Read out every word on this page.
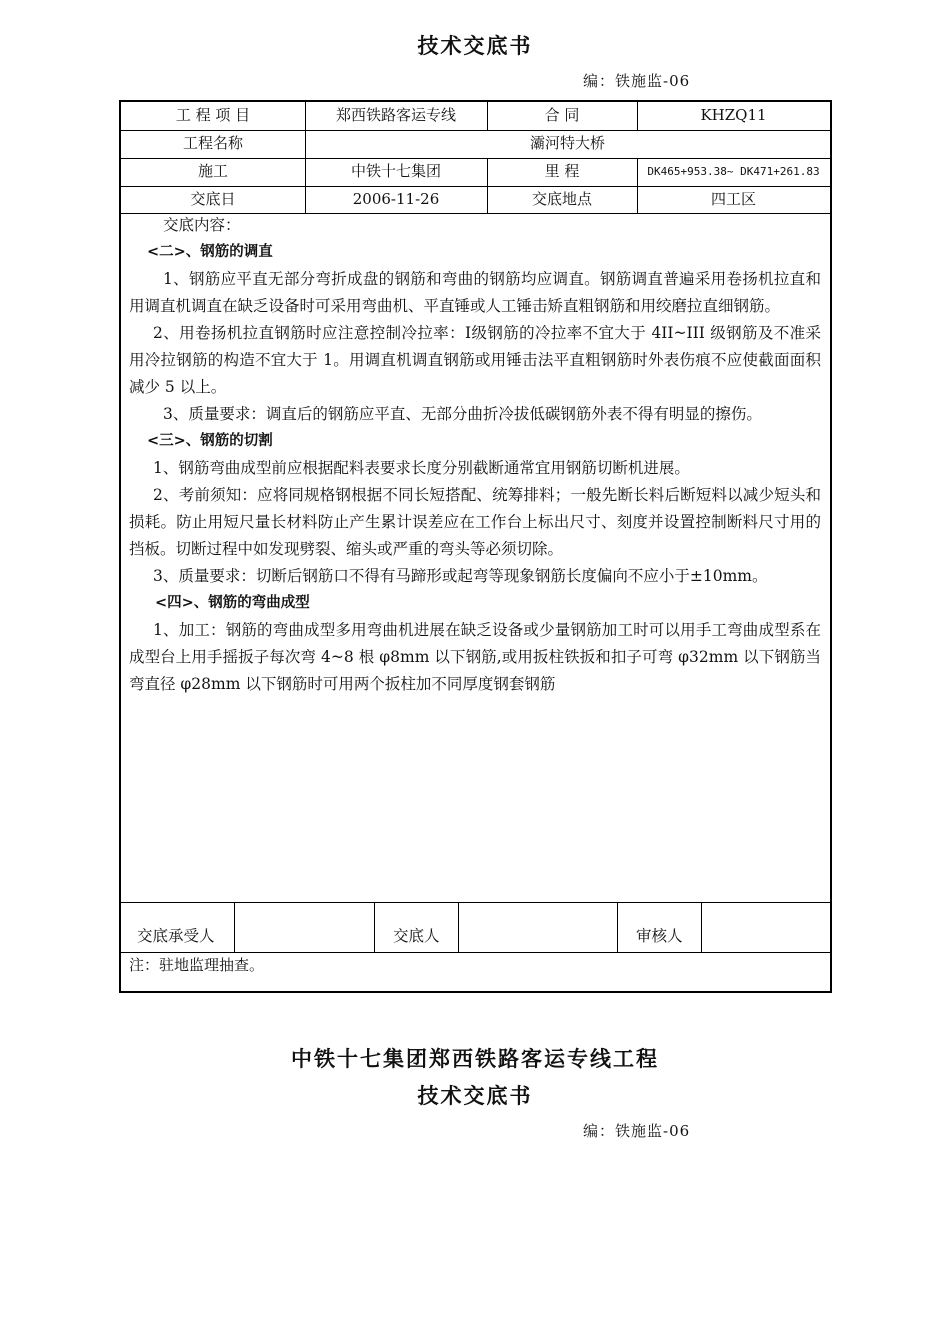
技术交底书
编：铁施监-06
工 程 项 目	郑西铁路客运专线	合 同	KHZQ11
工程名称	灞河特大桥
施工	中铁十七集团	里 程	DK465+953.38~ DK471+261.83
交底日	2006-11-26	交底地点	四工区

交底内容：

<二>、钢筋的调直

1、钢筋应平直无部分弯折成盘的钢筋和弯曲的钢筋均应调直。钢筋调直普遍采用卷扬机拉直和用调直机调直在缺乏设备时可采用弯曲机、平直锤或人工锤击矫直粗钢筋和用绞磨拉直细钢筋。

2、用卷扬机拉直钢筋时应注意控制冷拉率：I级钢筋的冷拉率不宜大于 4II~III 级钢筋及不准采用冷拉钢筋的构造不宜大于 1。用调直机调直钢筋或用锤击法平直粗钢筋时外表伤痕不应使截面面积减少 5 以上。

3、质量要求：调直后的钢筋应平直、无部分曲折冷拔低碳钢筋外表不得有明显的擦伤。

<三>、钢筋的切割

1、钢筋弯曲成型前应根据配料表要求长度分别截断通常宜用钢筋切断机进展。

2、考前须知：应将同规格钢根据不同长短搭配、统筹排料；一般先断长料后断短料以减少短头和损耗。防止用短尺量长材料防止产生累计误差应在工作台上标出尺寸、刻度并设置控制断料尺寸用的挡板。切断过程中如发现劈裂、缩头或严重的弯头等必须切除。

3、质量要求：切断后钢筋口不得有马蹄形或起弯等现象钢筋长度偏向不应小于±10mm。

<四>、钢筋的弯曲成型

1、加工：钢筋的弯曲成型多用弯曲机进展在缺乏设备或少量钢筋加工时可以用手工弯曲成型系在成型台上用手摇扳子每次弯 4~8 根 φ8mm 以下钢筋,或用扳柱铁扳和扣子可弯 φ32mm 以下钢筋当弯直径 φ28mm 以下钢筋时可用两个扳柱加不同厚度钢套钢筋

交底承受人	交底人	审核人
注：驻地监理抽查。
中铁十七集团郑西铁路客运专线工程
技术交底书
编：铁施监-06
